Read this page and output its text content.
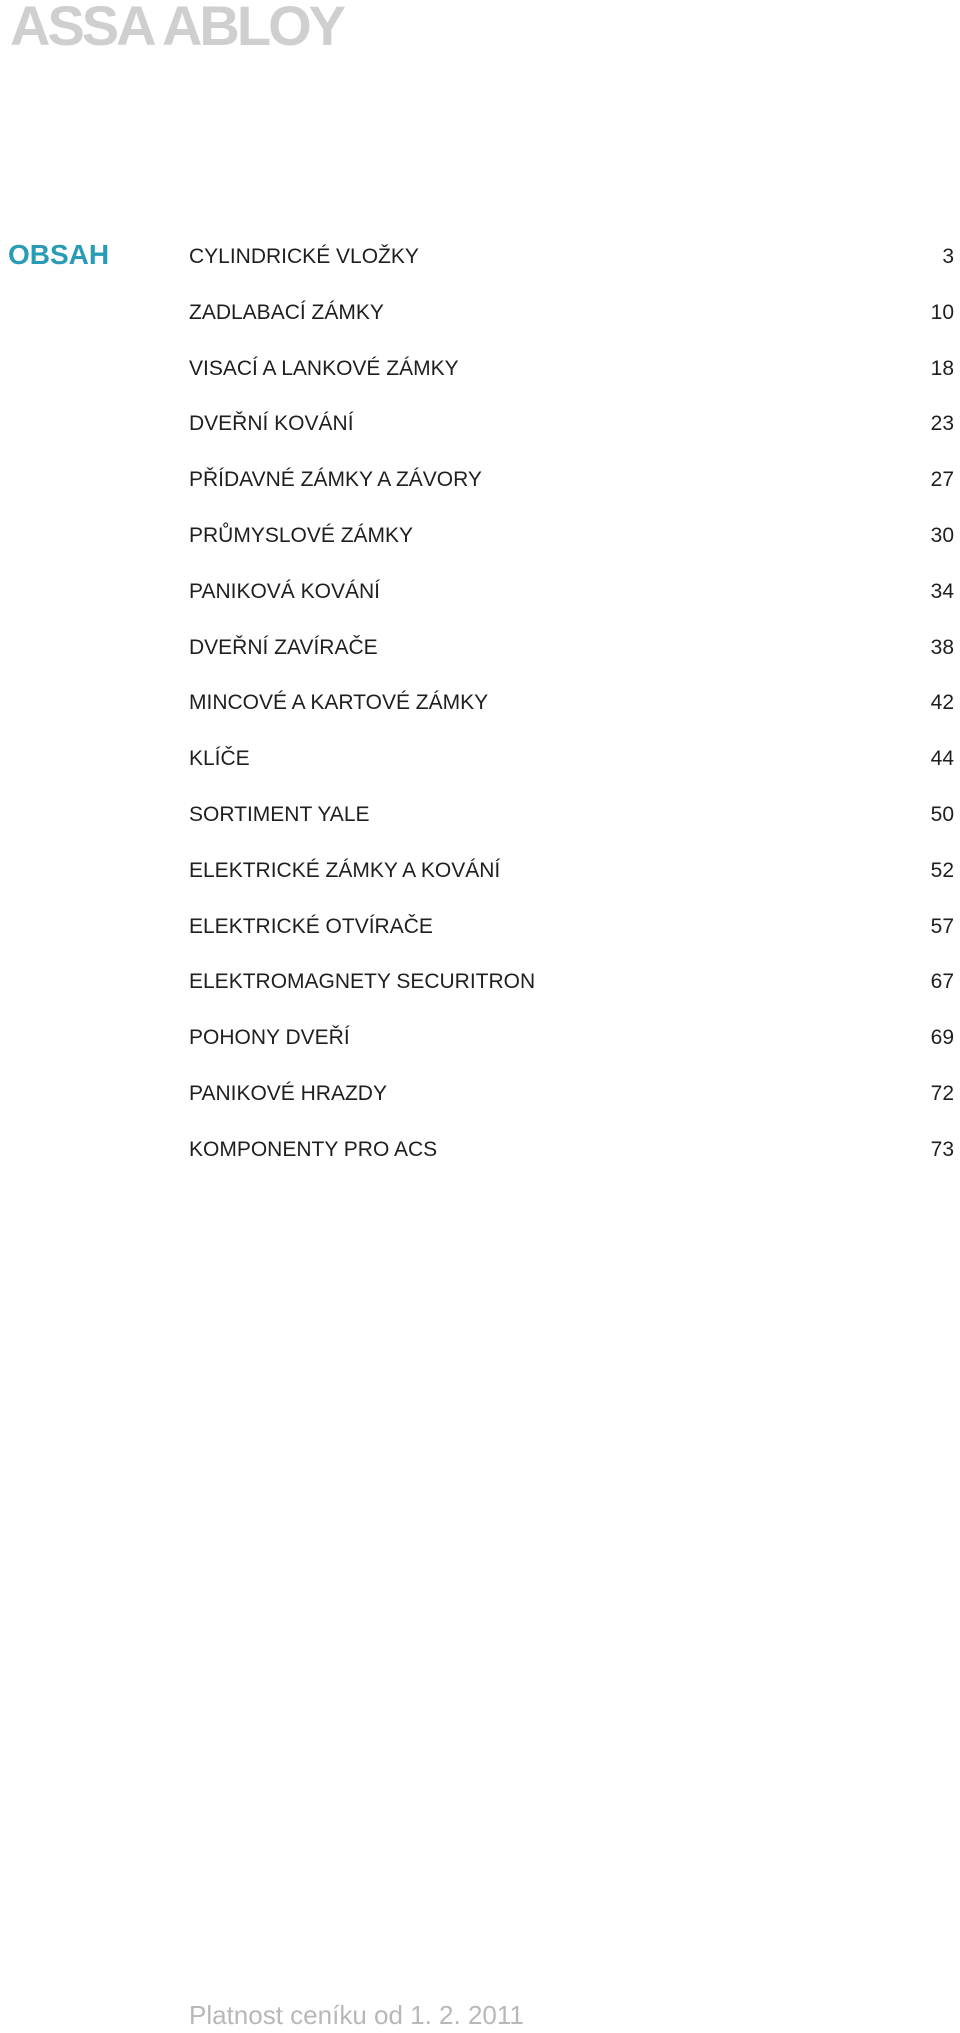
ASSA ABLOY
OBSAH	CYLINDRICKÉ VLOŽKY	3
ZADLABACÍ ZÁMKY	10
VISACÍ A LANKOVÉ ZÁMKY	18
DVEŘNÍ KOVÁNÍ	23
PŘÍDAVNÉ ZÁMKY A ZÁVORY	27
PRŮMYSLOVÉ ZÁMKY	30
PANIKOVÁ KOVÁNÍ	34
DVEŘNÍ ZAVÍRAČE	38
MINCOVÉ A KARTOVÉ ZÁMKY	42
KLÍČE	44
SORTIMENT YALE	50
ELEKTRICKÉ ZÁMKY A KOVÁNÍ	52
ELEKTRICKÉ OTVÍRAČE	57
ELEKTROMAGNETY SECURITRON	67
POHONY DVEŘÍ	69
PANIKOVÉ HRAZDY	72
KOMPONENTY PRO ACS	73

Platnost ceníku od 1. 2. 2011
